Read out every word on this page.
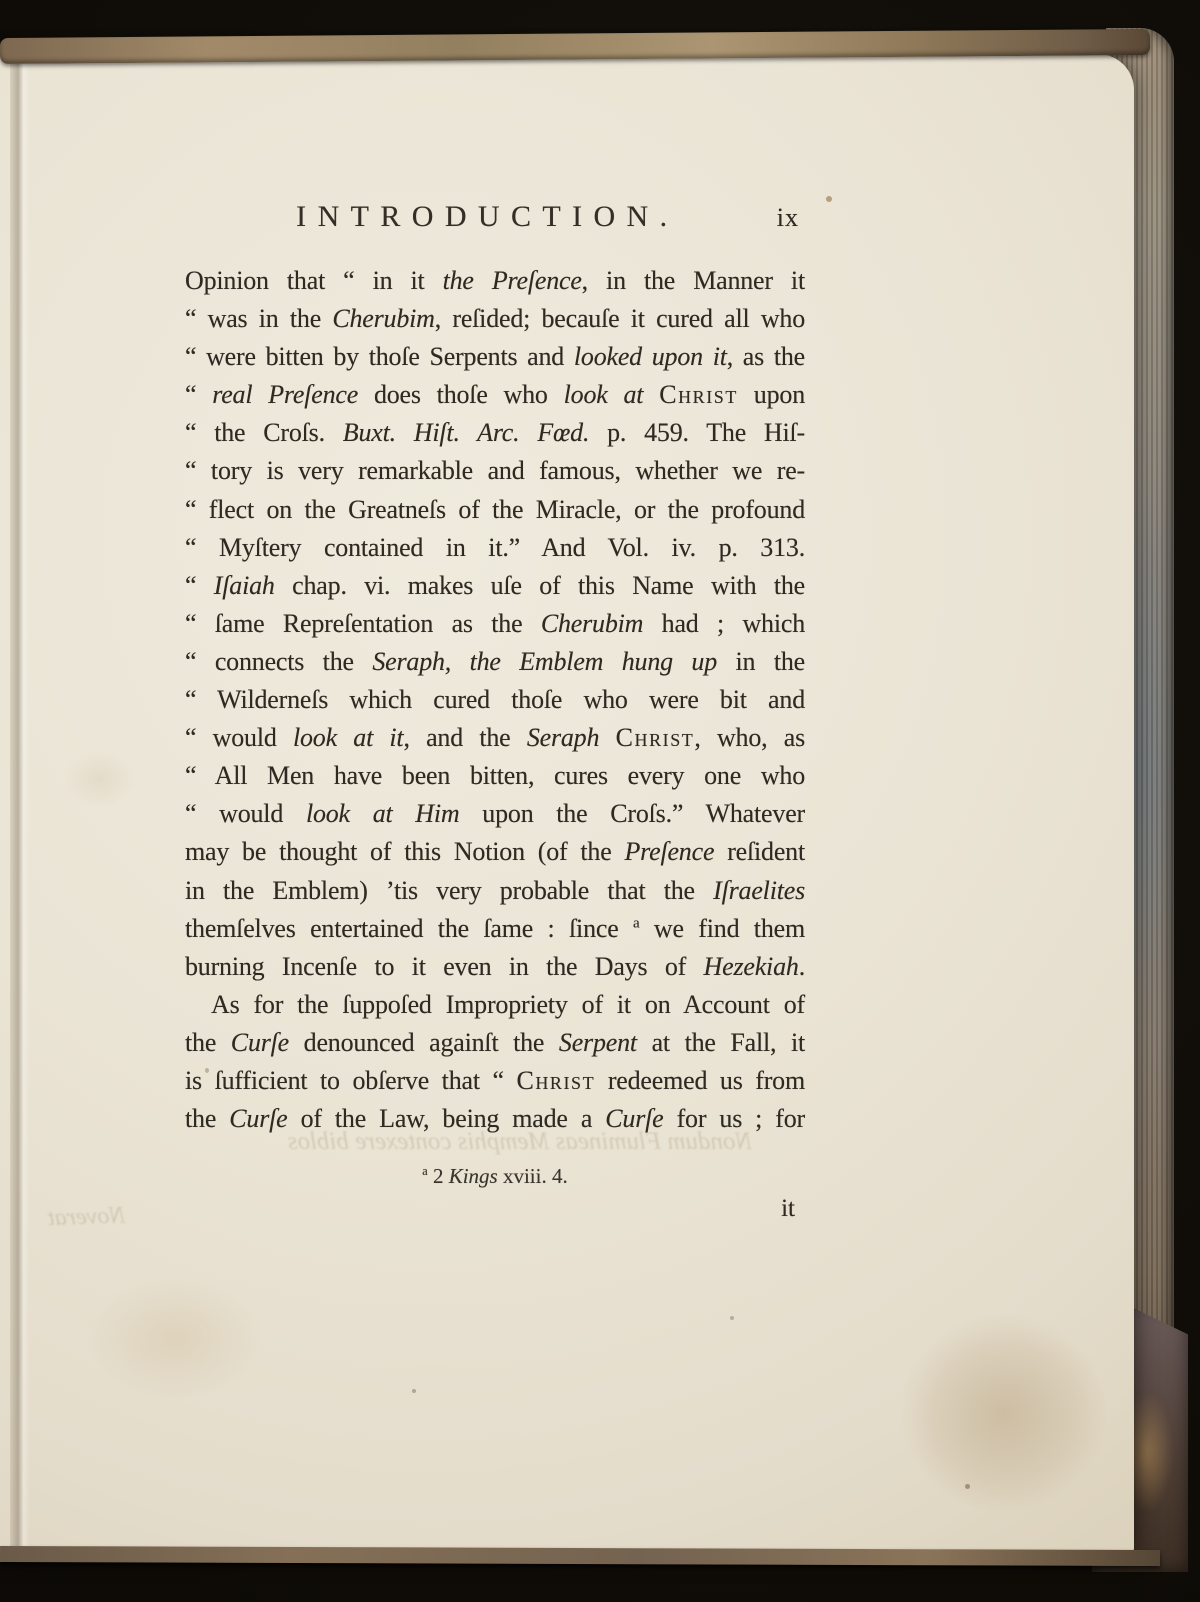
Nondum Flumineas Memphis contexere biblos
Noverat
INTRODUCTION.	ix
Opinion that “ in it the Preſence, in the Manner it
“ was in the Cherubim, reſided; becauſe it cured all who
“ were bitten by thoſe Serpents and looked upon it, as the
“ real Preſence does thoſe who look at Christ upon
“ the Croſs. Buxt. Hiſt. Arc. Fœd. p. 459. The Hiſ-
“ tory is very remarkable and famous, whether we re-
“ flect on the Greatneſs of the Miracle, or the profound
“ Myſtery contained in it.” And Vol. iv. p. 313.
“ Iſaiah chap. vi. makes uſe of this Name with the
“ ſame Repreſentation as the Cherubim had ; which
“ connects the Seraph, the Emblem hung up in the
“ Wilderneſs which cured thoſe who were bit and
“ would look at it, and the Seraph Christ, who, as
“ All Men have been bitten, cures every one who
“ would look at Him upon the Croſs.” Whatever
may be thought of this Notion (of the Preſence reſident
in the Emblem) ’tis very probable that the Iſraelites
themſelves entertained the ſame : ſince $^a$ we find them
burning Incenſe to it even in the Days of Hezekiah.
As for the ſuppoſed Impropriety of it on Account of
the Curſe denounced againſt the Serpent at the Fall, it
is ſufficient to obſerve that “ Christ redeemed us from
the Curſe of the Law, being made a Curſe for us ; for
$^a$ 2 Kings xviii. 4.
it
